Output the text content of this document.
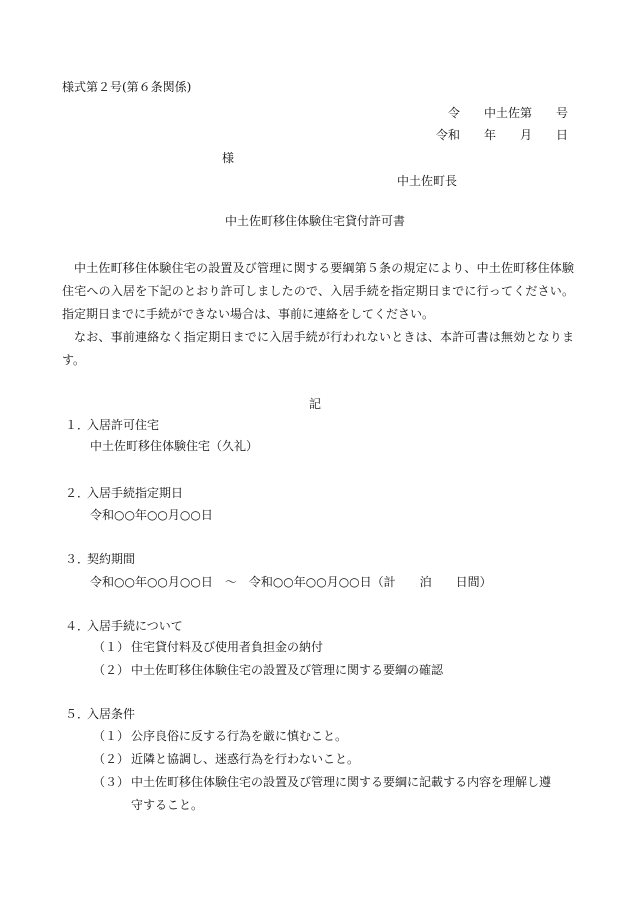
様式第２号(第６条関係)
令　　中土佐第　　号
令和　　年　　月　　日
様
中土佐町長
中土佐町移住体験住宅貸付許可書

中土佐町移住体験住宅の設置及び管理に関する要綱第５条の規定により、中土佐町移住体験住宅への入居を下記のとおり許可しましたので、入居手続を指定期日までに行ってください。指定期日までに手続ができない場合は、事前に連絡をしてください。

なお、事前連絡なく指定期日までに入居手続が行われないときは、本許可書は無効となります。

記
１．入居許可住宅
中土佐町移住体験住宅（久礼）
２．入居手続指定期日
令和○○年○○月○○日
３．契約期間
令和○○年○○月○○日　～　令和○○年○○月○○日（計　　泊　　日間）
４．入居手続について
（１） 住宅貸付料及び使用者負担金の納付
（２） 中土佐町移住体験住宅の設置及び管理に関する要綱の確認
５．入居条件
（１） 公序良俗に反する行為を厳に慎むこと。
（２） 近隣と協調し、迷惑行為を行わないこと。
（３） 中土佐町移住体験住宅の設置及び管理に関する要綱に記載する内容を理解し遵
守すること。
